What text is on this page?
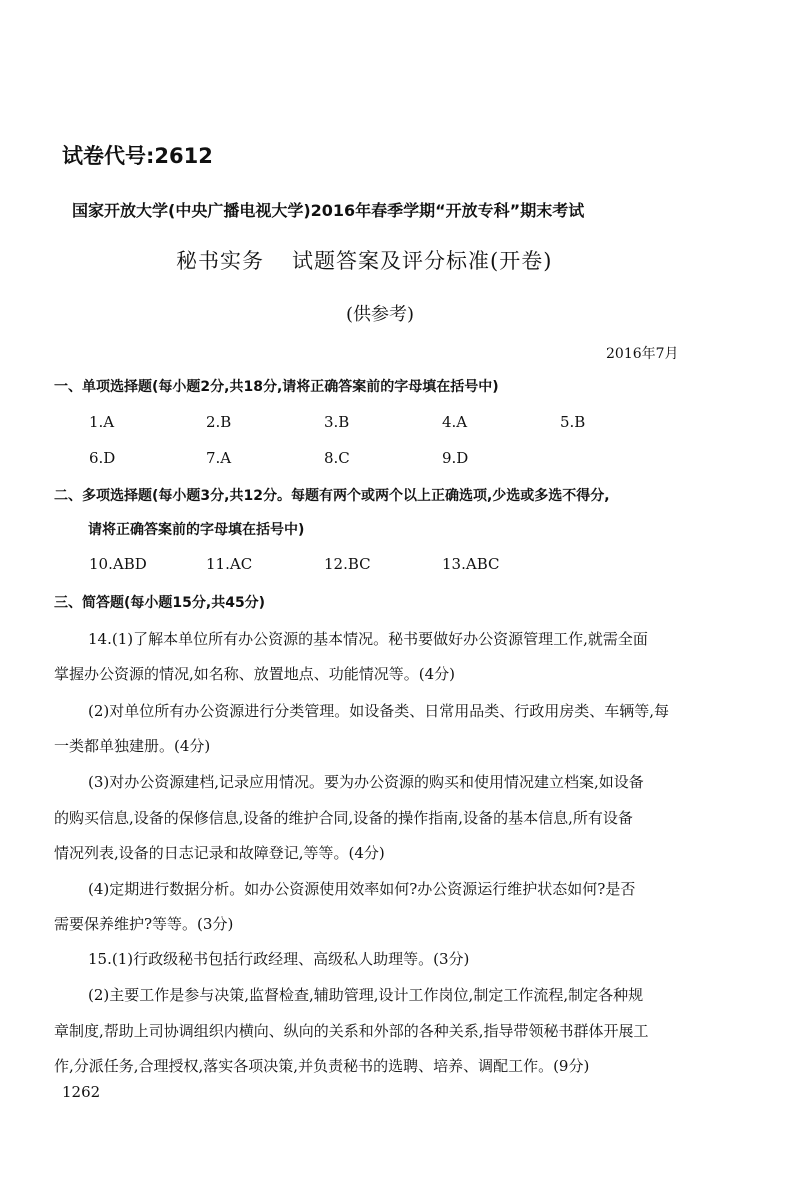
试卷代号:2612
国家开放大学(中央广播电视大学)2016年春季学期“开放专科”期末考试
秘书实务 试题答案及评分标准(开卷)
(供参考)
2016年7月
一、单项选择题(每小题2分,共18分,请将正确答案前的字母填在括号中)
1.A	2.B	3.B	4.A	5.B
6.D	7.A	8.C	9.D
二、多项选择题(每小题3分,共12分。每题有两个或两个以上正确选项,少选或多选不得分,
请将正确答案前的字母填在括号中)
10.ABD	11.AC	12.BC	13.ABC
三、简答题(每小题15分,共45分)
14.(1)了解本单位所有办公资源的基本情况。秘书要做好办公资源管理工作,就需全面
掌握办公资源的情况,如名称、放置地点、功能情况等。(4分)
(2)对单位所有办公资源进行分类管理。如设备类、日常用品类、行政用房类、车辆等,每
一类都单独建册。(4分)
(3)对办公资源建档,记录应用情况。要为办公资源的购买和使用情况建立档案,如设备
的购买信息,设备的保修信息,设备的维护合同,设备的操作指南,设备的基本信息,所有设备
情况列表,设备的日志记录和故障登记,等等。(4分)
(4)定期进行数据分析。如办公资源使用效率如何?办公资源运行维护状态如何?是否
需要保养维护?等等。(3分)
15.(1)行政级秘书包括行政经理、高级私人助理等。(3分)
(2)主要工作是参与决策,监督检查,辅助管理,设计工作岗位,制定工作流程,制定各种规
章制度,帮助上司协调组织内横向、纵向的关系和外部的各种关系,指导带领秘书群体开展工
作,分派任务,合理授权,落实各项决策,并负责秘书的选聘、培养、调配工作。(9分)
1262
